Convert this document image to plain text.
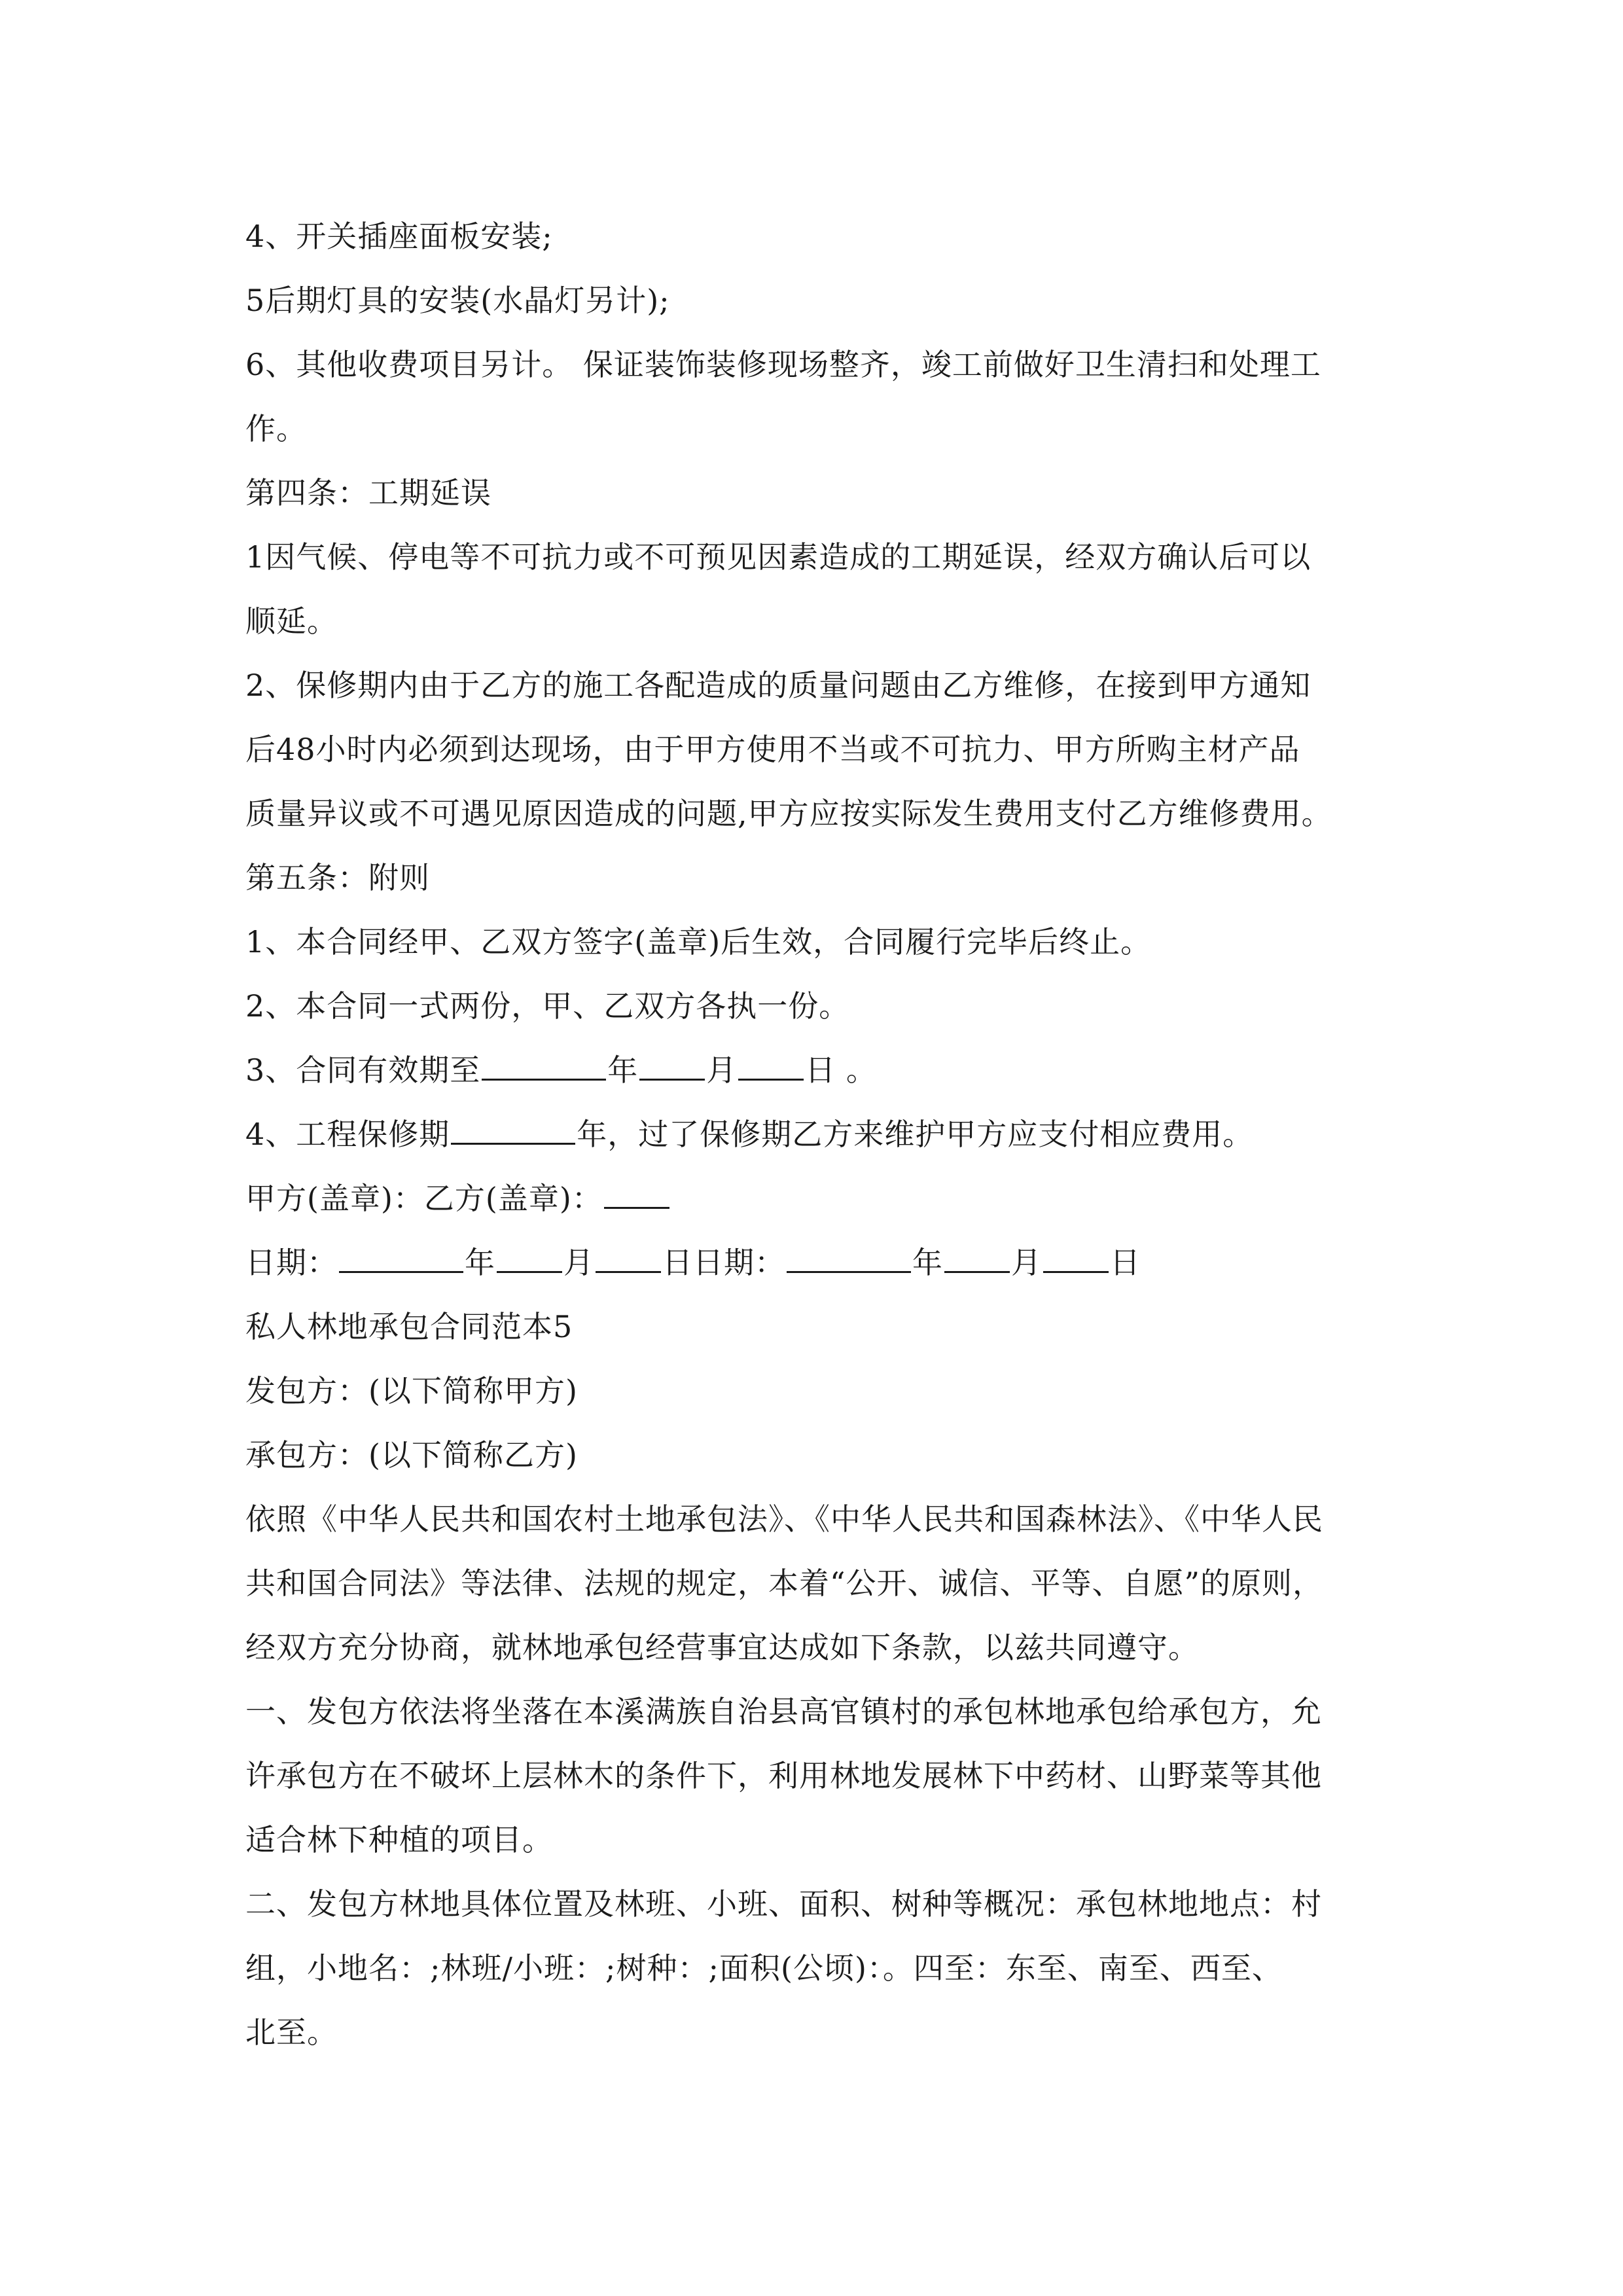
4、开关插座面板安装;
5后期灯具的安装(水晶灯另计);
6、其他收费项目另计。 保证装饰装修现场整齐，竣工前做好卫生清扫和处理工
作。
第四条：工期延误
1因气候、停电等不可抗力或不可预见因素造成的工期延误，经双方确认后可以
顺延。
2、保修期内由于乙方的施工各配造成的质量问题由乙方维修，在接到甲方通知
后48小时内必须到达现场，由于甲方使用不当或不可抗力、甲方所购主材产品
质量异议或不可遇见原因造成的问题,甲方应按实际发生费用支付乙方维修费用。
第五条：附则
1、本合同经甲、乙双方签字(盖章)后生效，合同履行完毕后终止。
2、本合同一式两份，甲、乙双方各执一份。
3、合同有效期至	年 月 日 。
4、工程保修期	年，过了保修期乙方来维护甲方应支付相应费用。
甲方(盖章)：乙方(盖章)：
日期：	年 月 日日期：	年 月 日
私人林地承包合同范本5
发包方：(以下简称甲方)
承包方：(以下简称乙方)
依照《中华人民共和国农村土地承包法》、《中华人民共和国森林法》、《中华人民
共和国合同法》等法律、法规的规定，本着“公开、诚信、平等、自愿”的原则，
经双方充分协商，就林地承包经营事宜达成如下条款，以兹共同遵守。
一、发包方依法将坐落在本溪满族自治县高官镇村的承包林地承包给承包方，允
许承包方在不破坏上层林木的条件下，利用林地发展林下中药材、山野菜等其他
适合林下种植的项目。
二、发包方林地具体位置及林班、小班、面积、树种等概况：承包林地地点：村
组，小地名：;林班/小班：;树种：;面积(公顷)：。四至：东至、南至、西至、
北至。
